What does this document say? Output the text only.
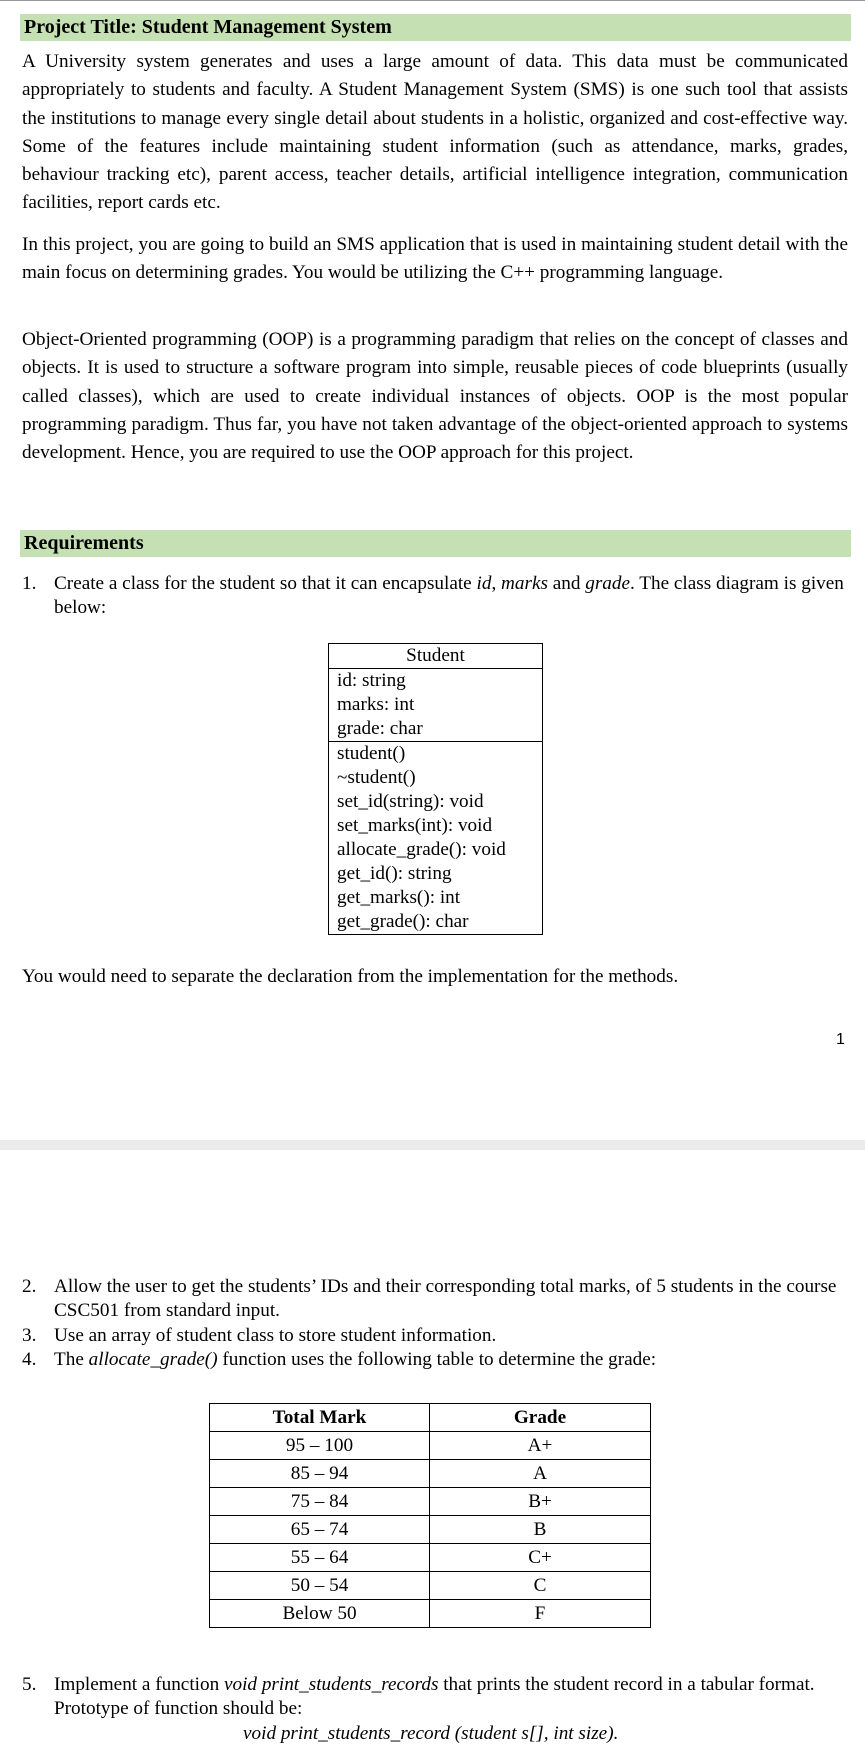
Project Title: Student Management System
A University system generates and uses a large amount of data. This data must be communicated appropriately to students and faculty. A Student Management System (SMS) is one such tool that assists the institutions to manage every single detail about students in a holistic, organized and cost-effective way. Some of the features include maintaining student information (such as attendance, marks, grades, behaviour tracking etc), parent access, teacher details, artificial intelligence integration, communication facilities, report cards etc.
In this project, you are going to build an SMS application that is used in maintaining student detail with the main focus on determining grades. You would be utilizing the C++ programming language.
Object-Oriented programming (OOP) is a programming paradigm that relies on the concept of classes and objects. It is used to structure a software program into simple, reusable pieces of code blueprints (usually called classes), which are used to create individual instances of objects. OOP is the most popular programming paradigm. Thus far, you have not taken advantage of the object-oriented approach to systems development. Hence, you are required to use the OOP approach for this project.
Requirements
1. Create a class for the student so that it can encapsulate id, marks and grade. The class diagram is given below:
Student
id: string
marks: int
grade: char
student()
~student()
set_id(string): void
set_marks(int): void
allocate_grade(): void
get_id(): string
get_marks(): int
get_grade(): char
You would need to separate the declaration from the implementation for the methods.
1
2. Allow the user to get the students’ IDs and their corresponding total marks, of 5 students in the course CSC501 from standard input.
3. Use an array of student class to store student information.
4. The allocate_grade() function uses the following table to determine the grade:
Total Mark	Grade
95 – 100	A+
85 – 94	A
75 – 84	B+
65 – 74	B
55 – 64	C+
50 – 54	C
Below 50	F
5. Implement a function void print_students_records that prints the student record in a tabular format. Prototype of function should be:
void print_students_record (student s[], int size).
